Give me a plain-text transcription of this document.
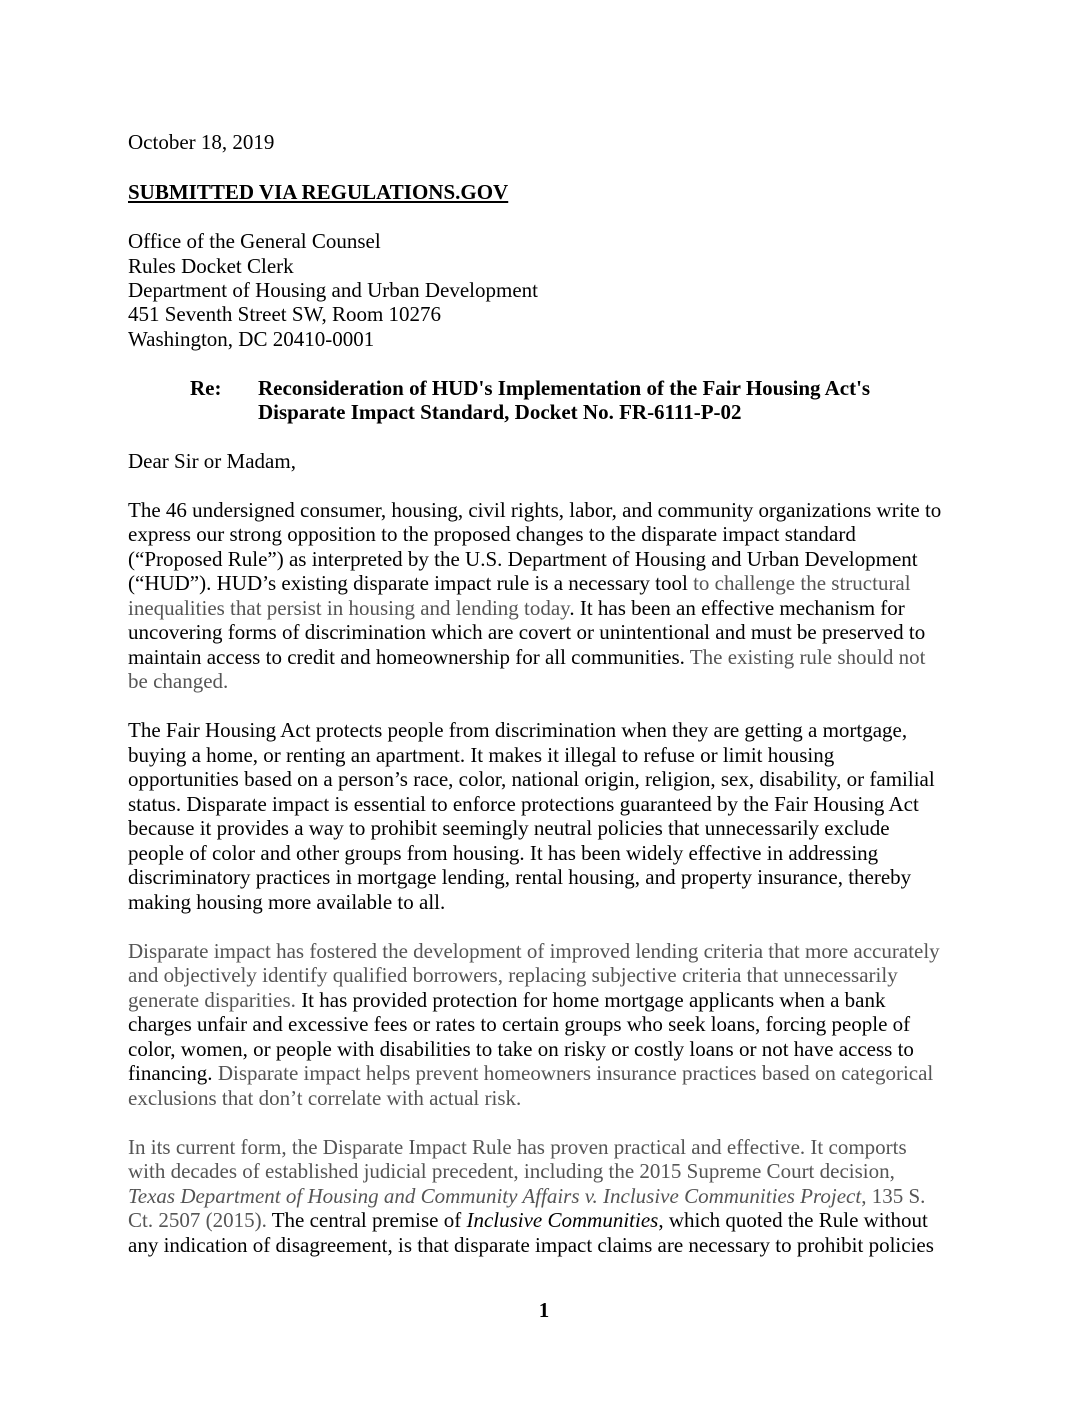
October 18, 2019

SUBMITTED VIA REGULATIONS.GOV

Office of the General Counsel

Rules Docket Clerk

Department of Housing and Urban Development

451 Seventh Street SW, Room 10276

Washington, DC 20410-0001

Re: Reconsideration of HUD's Implementation of the Fair Housing Act's
Disparate Impact Standard, Docket No. FR-6111-P-02

Dear Sir or Madam,

The 46 undersigned consumer, housing, civil rights, labor, and community organizations write to

express our strong opposition to the proposed changes to the disparate impact standard

(“Proposed Rule”) as interpreted by the U.S. Department of Housing and Urban Development

(“HUD”). HUD’s existing disparate impact rule is a necessary tool to challenge the structural

inequalities that persist in housing and lending today. It has been an effective mechanism for

uncovering forms of discrimination which are covert or unintentional and must be preserved to

maintain access to credit and homeownership for all communities. The existing rule should not

be changed.

The Fair Housing Act protects people from discrimination when they are getting a mortgage,

buying a home, or renting an apartment. It makes it illegal to refuse or limit housing

opportunities based on a person’s race, color, national origin, religion, sex, disability, or familial

status. Disparate impact is essential to enforce protections guaranteed by the Fair Housing Act

because it provides a way to prohibit seemingly neutral policies that unnecessarily exclude

people of color and other groups from housing. It has been widely effective in addressing

discriminatory practices in mortgage lending, rental housing, and property insurance, thereby

making housing more available to all.

Disparate impact has fostered the development of improved lending criteria that more accurately

and objectively identify qualified borrowers, replacing subjective criteria that unnecessarily

generate disparities. It has provided protection for home mortgage applicants when a bank

charges unfair and excessive fees or rates to certain groups who seek loans, forcing people of

color, women, or people with disabilities to take on risky or costly loans or not have access to

financing. Disparate impact helps prevent homeowners insurance practices based on categorical

exclusions that don’t correlate with actual risk.

In its current form, the Disparate Impact Rule has proven practical and effective. It comports

with decades of established judicial precedent, including the 2015 Supreme Court decision,

Texas Department of Housing and Community Affairs v. Inclusive Communities Project, 135 S.

Ct. 2507 (2015). The central premise of Inclusive Communities, which quoted the Rule without

any indication of disagreement, is that disparate impact claims are necessary to prohibit policies

1
